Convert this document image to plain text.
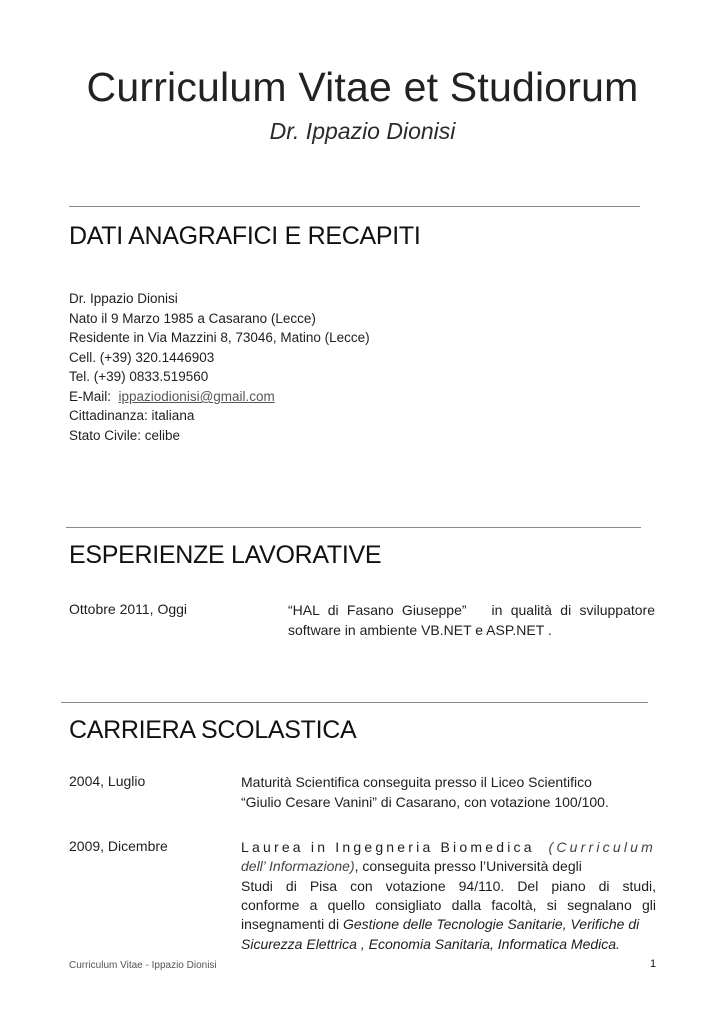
Curriculum Vitae et Studiorum
Dr. Ippazio Dionisi
DATI ANAGRAFICI E RECAPITI
Dr. Ippazio Dionisi
Nato il 9 Marzo 1985 a Casarano (Lecce)
Residente in Via Mazzini 8, 73046, Matino (Lecce)
Cell. (+39) 320.1446903
Tel. (+39) 0833.519560
E-Mail:  ippaziodionisi@gmail.com
Cittadinanza: italiana
Stato Civile: celibe
ESPERIENZE LAVORATIVE
Ottobre 2011, Oggi	“HAL di Fasano Giuseppe”   in qualità di sviluppatore
software in ambiente VB.NET e ASP.NET .
CARRIERA SCOLASTICA
2004, Luglio	Maturità Scientifica conseguita presso il Liceo Scientifico
“Giulio Cesare Vanini” di Casarano, con votazione 100/100.
2009, Dicembre	Laurea in Ingegneria Biomedica (Curriculum
dell’ Informazione), conseguita presso l’Università degli
Studi di Pisa con votazione 94/110. Del piano di studi,
conforme a quello consigliato dalla facoltà, si segnalano gli
insegnamenti di Gestione delle Tecnologie Sanitarie, Verifiche di
Sicurezza Elettrica , Economia Sanitaria, Informatica Medica.
Curriculum Vitae - Ippazio Dionisi	1
